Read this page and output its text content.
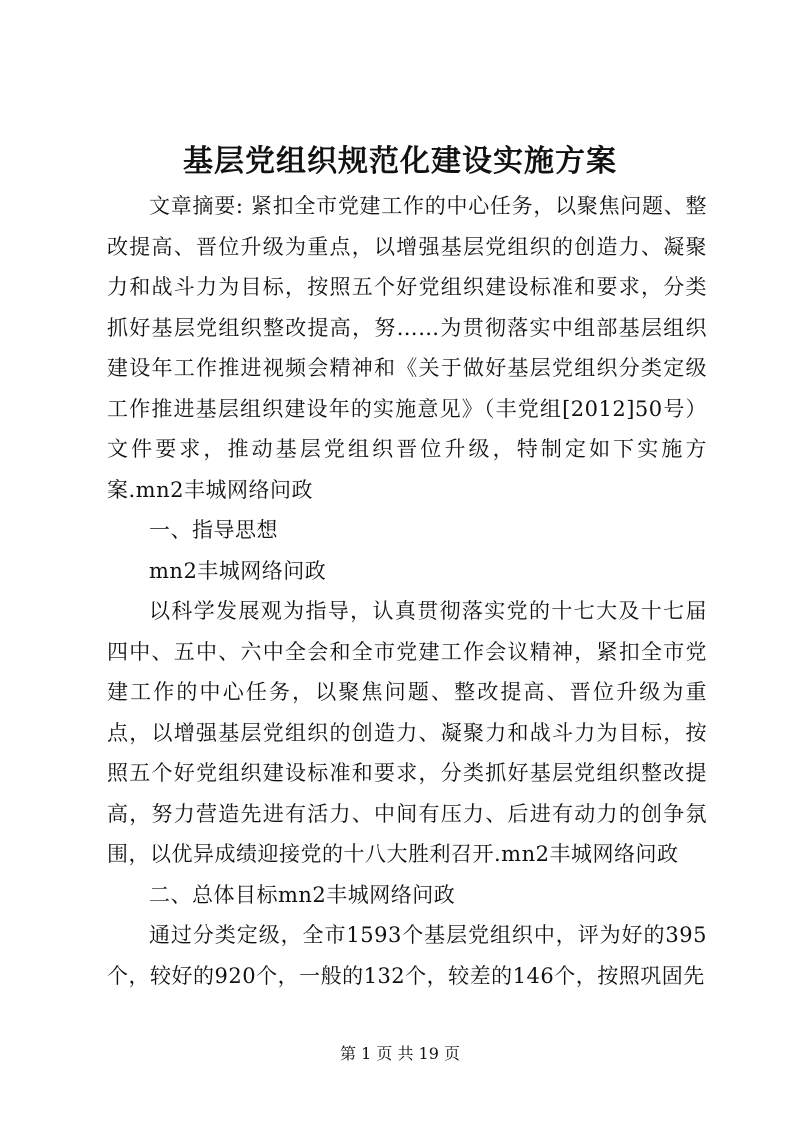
基层党组织规范化建设实施方案

文章摘要: 紧扣全市党建工作的中心任务，以聚焦问题、整改提高、晋位升级为重点，以增强基层党组织的创造力、凝聚力和战斗力为目标，按照五个好党组织建设标准和要求，分类抓好基层党组织整改提高，努……为贯彻落实中组部基层组织建设年工作推进视频会精神和《关于做好基层党组织分类定级工作推进基层组织建设年的实施意见》（丰党组[2012]50号）文件要求，推动基层党组织晋位升级，特制定如下实施方案.mn2丰城网络问政

一、指导思想

mn2丰城网络问政

以科学发展观为指导，认真贯彻落实党的十七大及十七届四中、五中、六中全会和全市党建工作会议精神，紧扣全市党建工作的中心任务，以聚焦问题、整改提高、晋位升级为重点，以增强基层党组织的创造力、凝聚力和战斗力为目标，按照五个好党组织建设标准和要求，分类抓好基层党组织整改提高，努力营造先进有活力、中间有压力、后进有动力的创争氛围，以优异成绩迎接党的十八大胜利召开.mn2丰城网络问政

二、总体目标mn2丰城网络问政

通过分类定级，全市1593个基层党组织中，评为好的395个，较好的920个，一般的132个，较差的146个，按照巩固先

第 1 页 共 19 页
